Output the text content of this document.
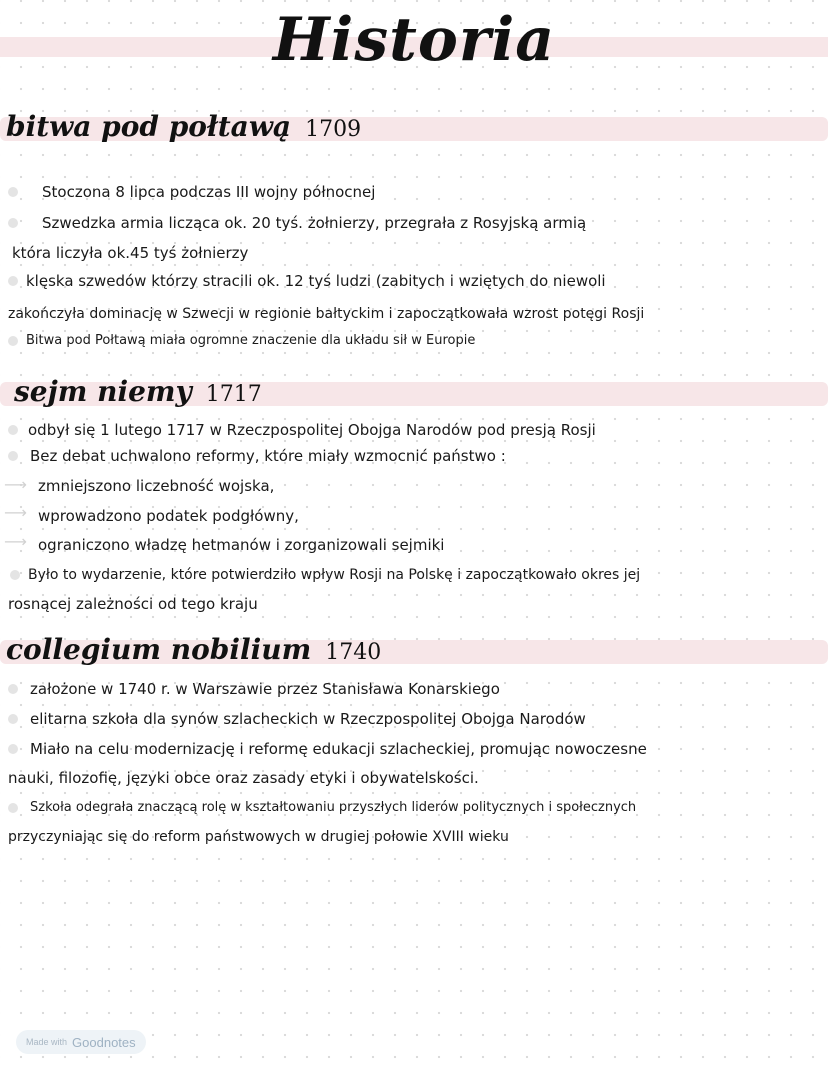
Historia
bitwa pod połtawą 1709
Stoczona 8 lipca podczas III wojny północnej
Szwedzka armia licząca ok. 20 tyś. żołnierzy, przegrała z Rosyjską armią
która liczyła ok.45 tyś żołnierzy
klęska szwedów którzy stracili ok. 12 tyś ludzi (zabitych i wziętych do niewoli
zakończyła dominację w Szwecji w regionie bałtyckim i zapoczątkowała wzrost potęgi Rosji
Bitwa pod Połtawą miała ogromne znaczenie dla układu sił w Europie
sejm niemy 1717
odbył się 1 lutego 1717 w Rzeczpospolitej Obojga Narodów pod presją Rosji
Bez debat uchwalono reformy, które miały wzmocnić państwo :
⟶ zmniejszono liczebność wojska,
⟶ wprowadzono podatek podgłówny,
⟶ ograniczono władzę hetmanów i zorganizowali sejmiki
Było to wydarzenie, które potwierdziło wpływ Rosji na Polskę i zapoczątkowało okres jej
rosnącej zależności od tego kraju
collegium nobilium 1740
założone w 1740 r. w Warszawie przez Stanisława Konarskiego
elitarna szkoła dla synów szlacheckich w Rzeczpospolitej Obojga Narodów
Miało na celu modernizację i reformę edukacji szlacheckiej, promując nowoczesne
nauki, filozofię, języki obce oraz zasady etyki i obywatelskości.
Szkoła odegrała znaczącą rolę w kształtowaniu przyszłych liderów politycznych i społecznych
przyczyniając się do reform państwowych w drugiej połowie XVIII wieku
Made with Goodnotes
